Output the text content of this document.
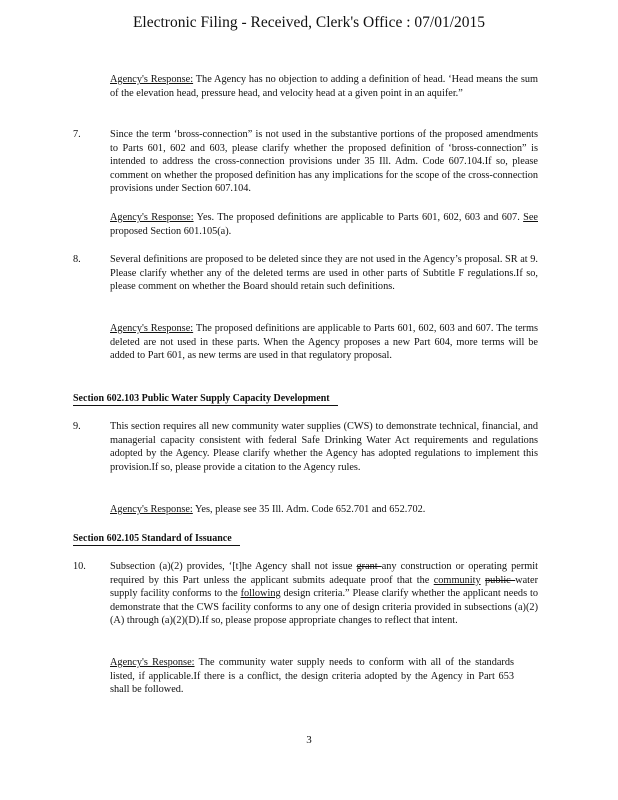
Electronic Filing - Received, Clerk's Office : 07/01/2015
Agency's Response: The Agency has no objection to adding a definition of head. ‘Head means the sum of the elevation head, pressure head, and velocity head at a given point in an aquifer.”
7.	Since the term ‘bross-connection” is not used in the substantive portions of the proposed amendments to Parts 601, 602 and 603, please clarify whether the proposed definition of ‘bross-connection” is intended to address the cross-connection provisions under 35 Ill. Adm. Code 607.104.If so, please comment on whether the proposed definition has any implications for the scope of the cross-connection provisions under Section 607.104.
Agency's Response: Yes. The proposed definitions are applicable to Parts 601, 602, 603 and 607. See proposed Section 601.105(a).
8.	Several definitions are proposed to be deleted since they are not used in the Agency’s proposal. SR at 9. Please clarify whether any of the deleted terms are used in other parts of Subtitle F regulations.If so, please comment on whether the Board should retain such definitions.
Agency's Response: The proposed definitions are applicable to Parts 601, 602, 603 and 607. The terms deleted are not used in these parts. When the Agency proposes a new Part 604, more terms will be added to Part 601, as new terms are used in that regulatory proposal.
Section 602.103 Public Water Supply Capacity Development
9.	This section requires all new community water supplies (CWS) to demonstrate technical, financial, and managerial capacity consistent with federal Safe Drinking Water Act requirements and regulations adopted by the Agency. Please clarify whether the Agency has adopted regulations to implement this provision.If so, please provide a citation to the Agency rules.
Agency's Response: Yes, please see 35 Ill. Adm. Code 652.701 and 652.702.
Section 602.105 Standard of Issuance
10. Subsection (a)(2) provides, ‘[t]he Agency shall not issue grant any construction or operating permit required by this Part unless the applicant submits adequate proof that the community public water supply facility conforms to the following design criteria.” Please clarify whether the applicant needs to demonstrate that the CWS facility conforms to any one of design criteria provided in subsections (a)(2)(A) through (a)(2)(D).If so, please propose appropriate changes to reflect that intent.
Agency's Response: The community water supply needs to conform with all of the standards listed, if applicable.If there is a conflict, the design criteria adopted by the Agency in Part 653 shall be followed.
3
